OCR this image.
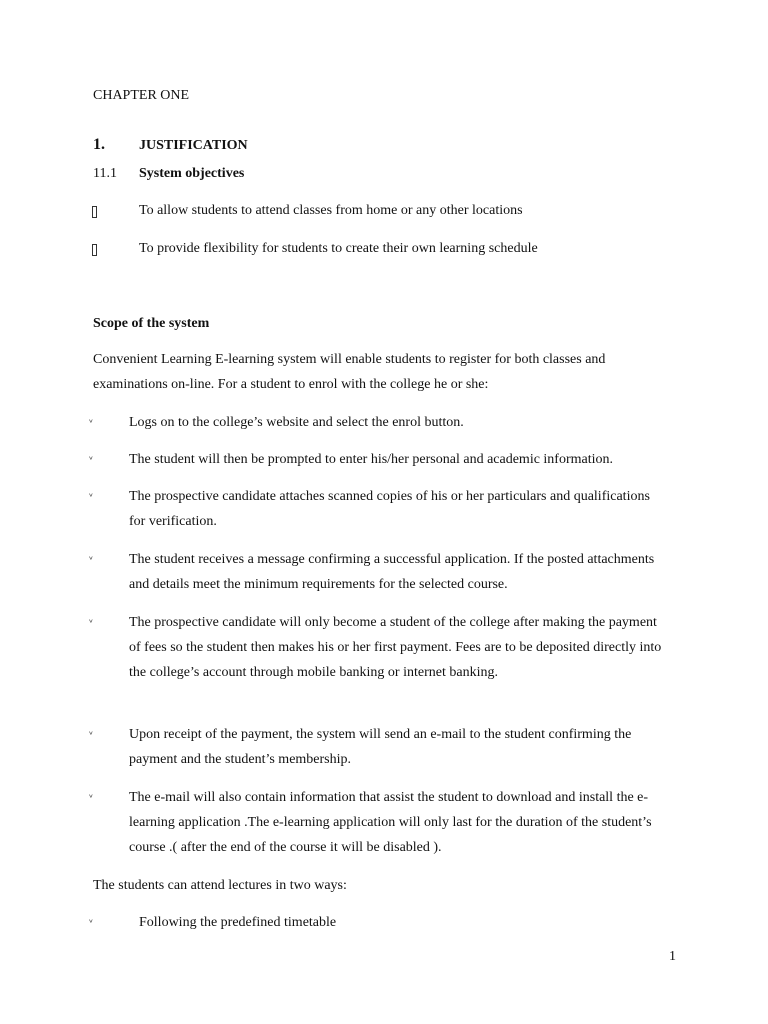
CHAPTER ONE
1. JUSTIFICATION
11.1 System objectives
To allow students to attend classes from home or any other locations
To provide flexibility for students to create their own learning schedule
Scope of the system
Convenient Learning E-learning system will enable students to register for both classes and examinations on-line. For a student to enrol with the college he or she:
ᵛ	Logs on to the college’s website and select the enrol button.
ᵛ	The student will then be prompted to enter his/her personal and academic information.
ᵛ	The prospective candidate attaches scanned copies of his or her particulars and qualifications for verification.
ᵛ	The student receives a message confirming a successful application. If the posted attachments and details meet the minimum requirements for the selected course.
ᵛ	The prospective candidate will only become a student of the college after making the payment of fees so the student then makes his or her first payment. Fees are to be deposited directly into the college’s account through mobile banking or internet banking.
ᵛ	Upon receipt of the payment, the system will send an e-mail to the student confirming the payment and the student’s membership.
ᵛ	The e-mail will also contain information that assist the student to download and install the e-learning application .The e-learning application will only last for the duration of the student’s course .( after the end of the course it will be disabled ).
The students can attend lectures in two ways:
ᵛ	Following the predefined timetable
1
